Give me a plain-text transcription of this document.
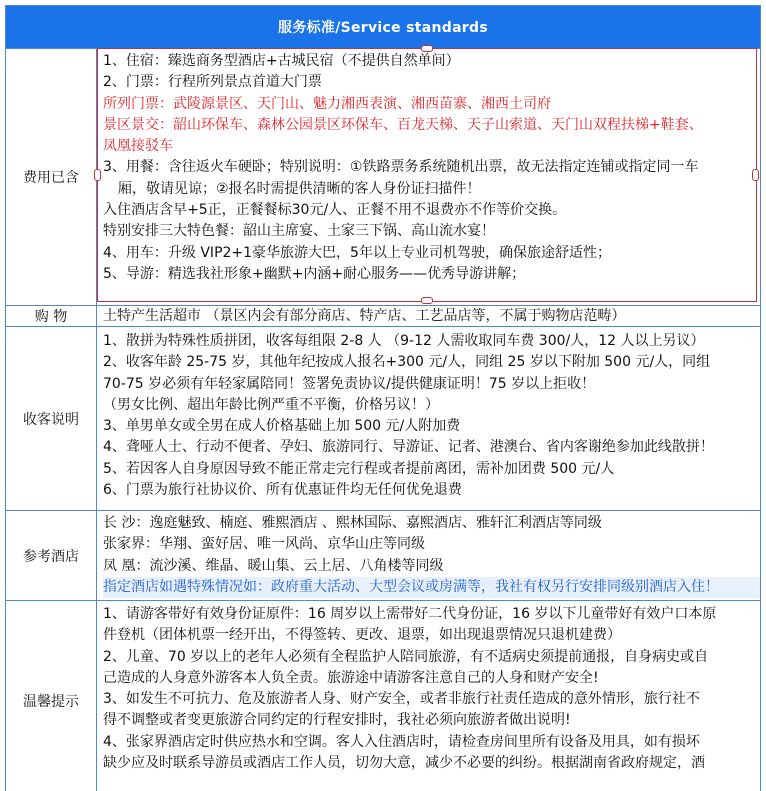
服务标准/Service standards
费用已含
1、住宿：臻选商务型酒店+古城民宿（不提供自然单间）
2、门票：行程所列景点首道大门票
所列门票：武陵源景区、天门山、魅力湘西表演、湘西苗寨、湘西土司府
景区景交：韶山环保车、森林公园景区环保车、百龙天梯、天子山索道、天门山双程扶梯+鞋套、
凤凰接驳车
3、用餐：含往返火车硬卧；特别说明：①铁路票务系统随机出票，故无法指定连铺或指定同一车
厢，敬请见谅；②报名时需提供清晰的客人身份证扫描件！
入住酒店含早+5正，正餐餐标30元/人、正餐不用不退费亦不作等价交换。
特别安排三大特色餐：韶山主席宴、土家三下锅、高山流水宴！
4、用车：升级 VIP2+1豪华旅游大巴，5年以上专业司机驾驶，确保旅途舒适性；
5、导游：精选我社形象+幽默+内涵+耐心服务——优秀导游讲解；
购 物	土特产生活超市 （景区内会有部分商店、特产店、工艺品店等，不属于购物店范畴）
收客说明
1、散拼为特殊性质拼团，收客每组限 2-8 人 （9-12 人需收取同车费 300/人，12 人以上另议）
2、收客年龄 25-75 岁，其他年纪按成人报名+300 元/人，同组 25 岁以下附加 500 元/人，同组
70-75 岁必须有年轻家属陪同！签署免责协议/提供健康证明！75 岁以上拒收！
（男女比例、超出年龄比例严重不平衡，价格另议！）
3、单男单女或全男在成人价格基础上加 500 元/人附加费
4、聋哑人士、行动不便者、孕妇、旅游同行、导游证、记者、港澳台、省内客谢绝参加此线散拼！
5、若因客人自身原因导致不能正常走完行程或者提前离团，需补加团费 500 元/人
6、门票为旅行社协议价、所有优惠证件均无任何优免退费
参考酒店
长 沙：逸庭魅致、楠庭、雅熙酒店 、熙林国际、嘉熙酒店、雅轩汇利酒店等同级
张家界：华翔、蛮好居、唯一风尚、京华山庄等同级
凤 凰：流沙溪、维晶、暖山集、云上居、八角楼等同级
指定酒店如遇特殊情况如：政府重大活动、大型会议或房满等，我社有权另行安排同级别酒店入住！
温馨提示
1、请游客带好有效身份证原件：16 周岁以上需带好二代身份证，16 岁以下儿童带好有效户口本原
件登机（团体机票一经开出，不得签转、更改、退票，如出现退票情况只退机建费）
2、儿童、70 岁以上的老年人必须有全程监护人陪同旅游，有不适病史须提前通报，自身病史或自
己造成的人身意外游客本人负全责。旅游途中请游客注意自己的人身和财产安全!
3、如发生不可抗力、危及旅游者人身、财产安全，或者非旅行社责任造成的意外情形，旅行社不
得不调整或者变更旅游合同约定的行程安排时，我社必须向旅游者做出说明!
4、张家界酒店定时供应热水和空调。客人入住酒店时，请检查房间里所有设备及用具，如有损坏
缺少应及时联系导游员或酒店工作人员，切勿大意，减少不必要的纠纷。根据湖南省政府规定，酒
